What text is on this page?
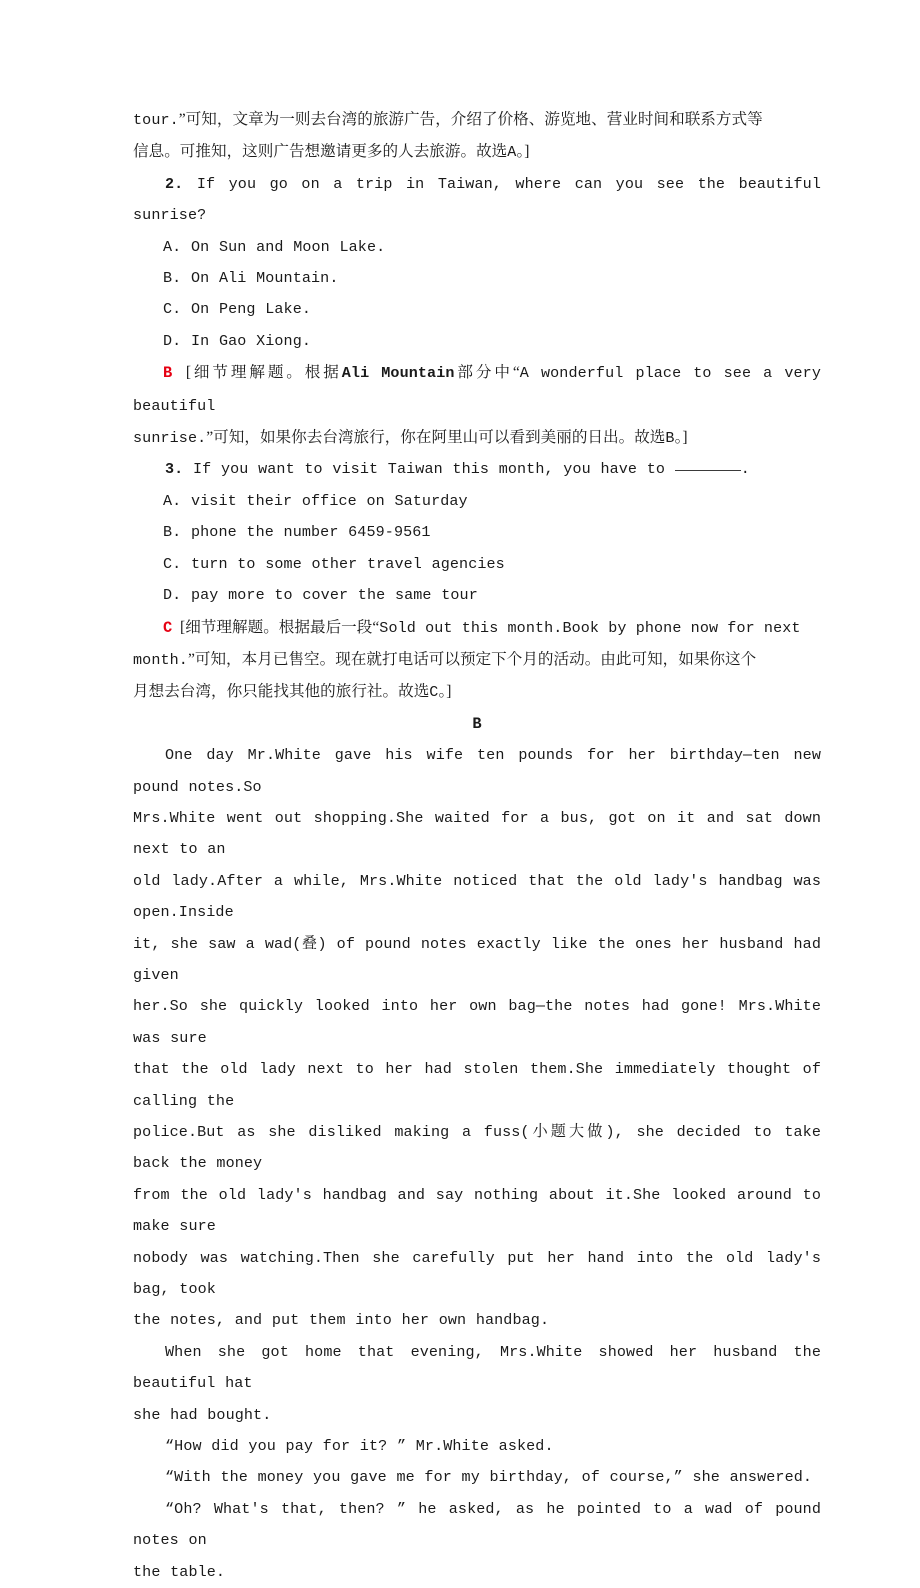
tour.”可知，文章为一则去台湾的旅游广告，介绍了价格、游览地、营业时间和联系方式等

信息。可推知，这则广告想邀请更多的人去旅游。故选A。]

2. If you go on a trip in Taiwan, where can you see the beautiful sunrise?

A. On Sun and Moon Lake.

B. On Ali Mountain.

C. On Peng Lake.

D. In Gao Xiong.

B [细节理解题。根据Ali Mountain部分中“A wonderful place to see a very beautiful

sunrise.”可知，如果你去台湾旅行，你在阿里山可以看到美丽的日出。故选B。]

3. If you want to visit Taiwan this month, you have to	.

A. visit their office on Saturday

B. phone the number 6459-9561

C. turn to some other travel agencies

D. pay more to cover the same tour

C [细节理解题。根据最后一段“Sold out this month.Book by phone now for next

month.”可知，本月已售空。现在就打电话可以预定下个月的活动。由此可知，如果你这个

月想去台湾，你只能找其他的旅行社。故选C。]

B

One day Mr.White gave his wife ten pounds for her birthday—ten new pound notes.So

Mrs.White went out shopping.She waited for a bus, got on it and sat down next to an

old lady.After a while, Mrs.White noticed that the old lady's handbag was open.Inside

it, she saw a wad(叠) of pound notes exactly like the ones her husband had given

her.So she quickly looked into her own bag—the notes had gone! Mrs.White was sure

that the old lady next to her had stolen them.She immediately thought of calling the

police.But as she disliked making a fuss(小题大做), she decided to take back the money

from the old lady's handbag and say nothing about it.She looked around to make sure

nobody was watching.Then she carefully put her hand into the old lady's bag, took

the notes, and put them into her own handbag.

When she got home that evening, Mrs.White showed her husband the beautiful hat

she had bought.

“How did you pay for it? ” Mr.White asked.

“With the money you gave me for my birthday, of course,” she answered.

“Oh? What's that, then? ” he asked, as he pointed to a wad of pound notes on

the table.
